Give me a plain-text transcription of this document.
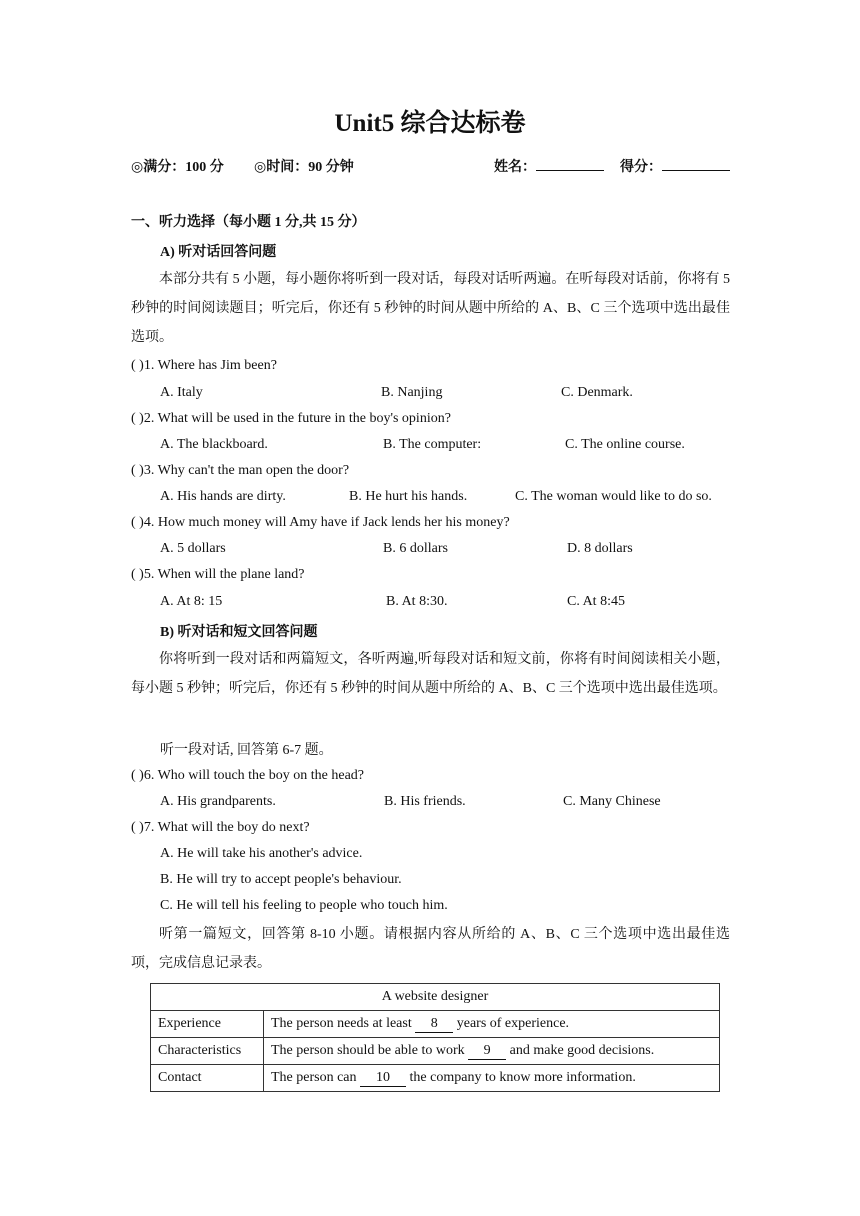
Unit5 综合达标卷
◎满分：100 分 ◎时间：90 分钟	姓名：	得分：
一、听力选择（每小题 1 分,共 15 分）
A) 听对话回答问题
本部分共有 5 小题，每小题你将听到一段对话，每段对话听两遍。在听每段对话前，你将有 5 秒钟的时间阅读题目；听完后，你还有 5 秒钟的时间从题中所给的 A、B、C 三个选项中选出最佳选项。
( )1. Where has Jim been?
A. Italy	B. Nanjing	C. Denmark.
( )2. What will be used in the future in the boy's opinion?
A. The blackboard.	B. The computer:	C. The online course.
( )3. Why can't the man open the door?
A. His hands are dirty.	B. He hurt his hands.	C. The woman would like to do so.
( )4. How much money will Amy have if Jack lends her his money?
A. 5 dollars	B. 6 dollars	D. 8 dollars
( )5. When will the plane land?
A. At 8: 15	B. At 8:30.	C. At 8:45
B) 听对话和短文回答问题
你将听到一段对话和两篇短文，各听两遍,听每段对话和短文前，你将有时间阅读相关小题，每小题 5 秒钟；听完后，你还有 5 秒钟的时间从题中所给的 A、B、C 三个选项中选出最佳选项。
听一段对话, 回答第 6-7 题。
( )6. Who will touch the boy on the head?
A. His grandparents.	B. His friends.	C. Many Chinese
( )7. What will the boy do next?
A. He will take his another's advice.
B. He will try to accept people's behaviour.
C. He will tell his feeling to people who touch him.
听第一篇短文，回答第 8-10 小题。请根据内容从所给的 A、B、C 三个选项中选出最佳选项，完成信息记录表。
A website designer	
Experience	The person needs at least 8 years of experience.
Characteristics	The person should be able to work 9 and make good decisions.
Contact	The person can 10 the company to know more information.
